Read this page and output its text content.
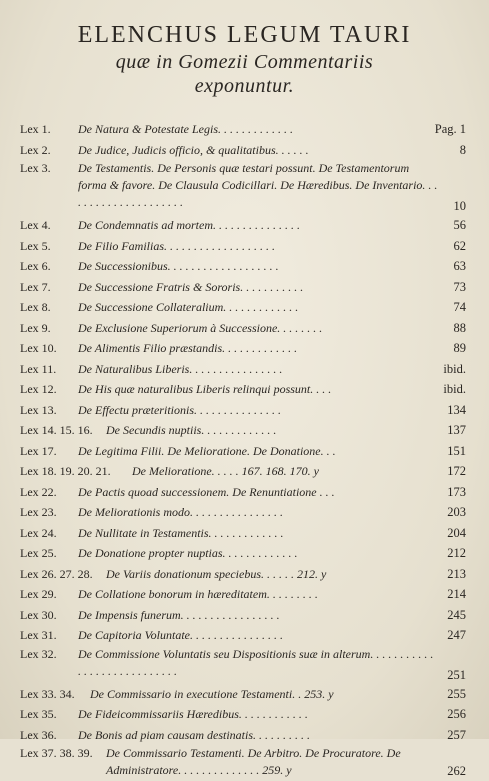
ELENCHUS LEGUM TAURI
quæ in Gomezii Commentariis
exponuntur.
Lex 1. De Natura & Potestate Legis. . . . . . . . . . . . .	Pag. 1
Lex 2. De Judice, Judicis officio, & qualitatibus. . . . . .	8
Lex 3.	De Testamentis. De Personis quæ testari possunt. De Testamentorum forma & favore. De Clausula Codicillari. De Hæredibus. De Inventario. . . . . . . . . . . . . . . . . . . . .	10
Lex 4. De Condemnatis ad mortem. . . . . . . . . . . . . . .	56
Lex 5. De Filio Familias. . . . . . . . . . . . . . . . . . .	62
Lex 6. De Successionibus. . . . . . . . . . . . . . . . . . .	63
Lex 7. De Successione Fratris & Sororis. . . . . . . . . . .	73
Lex 8. De Successione Collateralium. . . . . . . . . . . . .	74
Lex 9. De Exclusione Superiorum à Successione. . . . . . . .	88
Lex 10. De Alimentis Filio præstandis. . . . . . . . . . . . .	89
Lex 11. De Naturalibus Liberis. . . . . . . . . . . . . . . .	ibid.
Lex 12. De His quæ naturalibus Liberis relinqui possunt. . . .	ibid.
Lex 13. De Effectu præteritionis. . . . . . . . . . . . . . .	134
Lex 14. 15. 16. De Secundis nuptiis. . . . . . . . . . . . .	137
Lex 17. De Legitima Filii. De Melioratione. De Donatione. . .	151
Lex 18. 19. 20. 21. De Melioratione. . . . . 167. 168. 170. y	172
Lex 22. De Pactis quoad successionem. De Renuntiatione . . .	173
Lex 23. De Meliorationis modo. . . . . . . . . . . . . . . .	203
Lex 24. De Nullitate in Testamentis. . . . . . . . . . . . .	204
Lex 25. De Donatione propter nuptias. . . . . . . . . . . . .	212
Lex 26. 27. 28. De Variis donationum speciebus. . . . . . 212. y	213
Lex 29. De Collatione bonorum in hæreditatem. . . . . . . . .	214
Lex 30. De Impensis funerum. . . . . . . . . . . . . . . . .	245
Lex 31. De Capitoria Voluntate. . . . . . . . . . . . . . . .	247
Lex 32.	De Commissione Voluntatis seu Dispositionis suæ in alterum. . . . . . . . . . . . . . . . . . . . . . . . . . . .	251
Lex 33. 34. De Commissario in executione Testamenti. . 253. y	255
Lex 35. De Fideicommissariis Hæredibus. . . . . . . . . . . .	256
Lex 36. De Bonis ad piam causam destinatis. . . . . . . . . .	257
Lex 37. 38. 39.	De Commissario Testamenti. De Arbitro. De Procuratore. De Administratore. . . . . . . . . . . . . . 259. y	262
